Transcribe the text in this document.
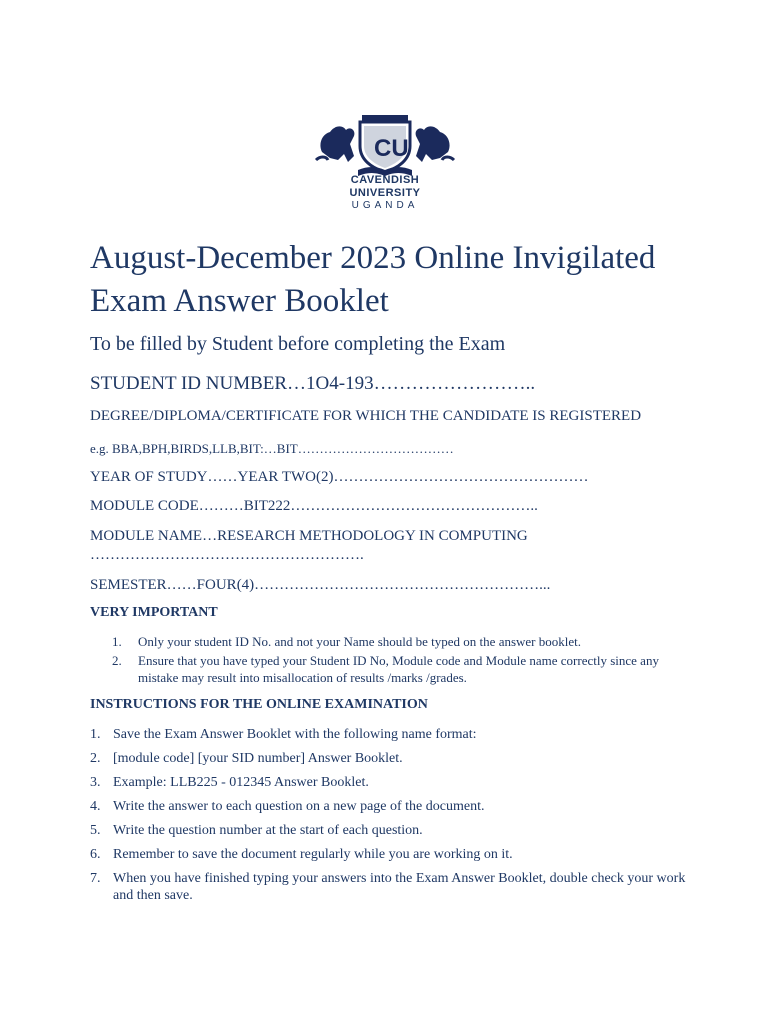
CU
CAVENDISH
UNIVERSITY
UGANDA
August-December 2023 Online Invigilated
Exam Answer Booklet

To be filled by Student before completing the Exam

STUDENT ID NUMBER…1O4-193……………………..

DEGREE/DIPLOMA/CERTIFICATE FOR WHICH THE CANDIDATE IS REGISTERED

e.g. BBA,BPH,BIRDS,LLB,BIT:…BIT………………………………

YEAR OF STUDY……YEAR TWO(2)……………………………………………

MODULE CODE………BIT222…………………………………………..

MODULE NAME…RESEARCH METHODOLOGY IN COMPUTING

……………………………………………….

SEMESTER……FOUR(4)…………………………………………………...

VERY IMPORTANT

1.	Only your student ID No. and not your Name should be typed on the answer booklet.
2.	Ensure that you have typed your Student ID No, Module code and Module name correctly since any mistake may result into misallocation of results /marks /grades.

INSTRUCTIONS FOR THE ONLINE EXAMINATION

1. Save the Exam Answer Booklet with the following name format:
2. [module code] [your SID number] Answer Booklet.
3. Example: LLB225 - 012345 Answer Booklet.
4. Write the answer to each question on a new page of the document.
5. Write the question number at the start of each question.
6. Remember to save the document regularly while you are working on it.
7. When you have finished typing your answers into the Exam Answer Booklet, double check your work and then save.
